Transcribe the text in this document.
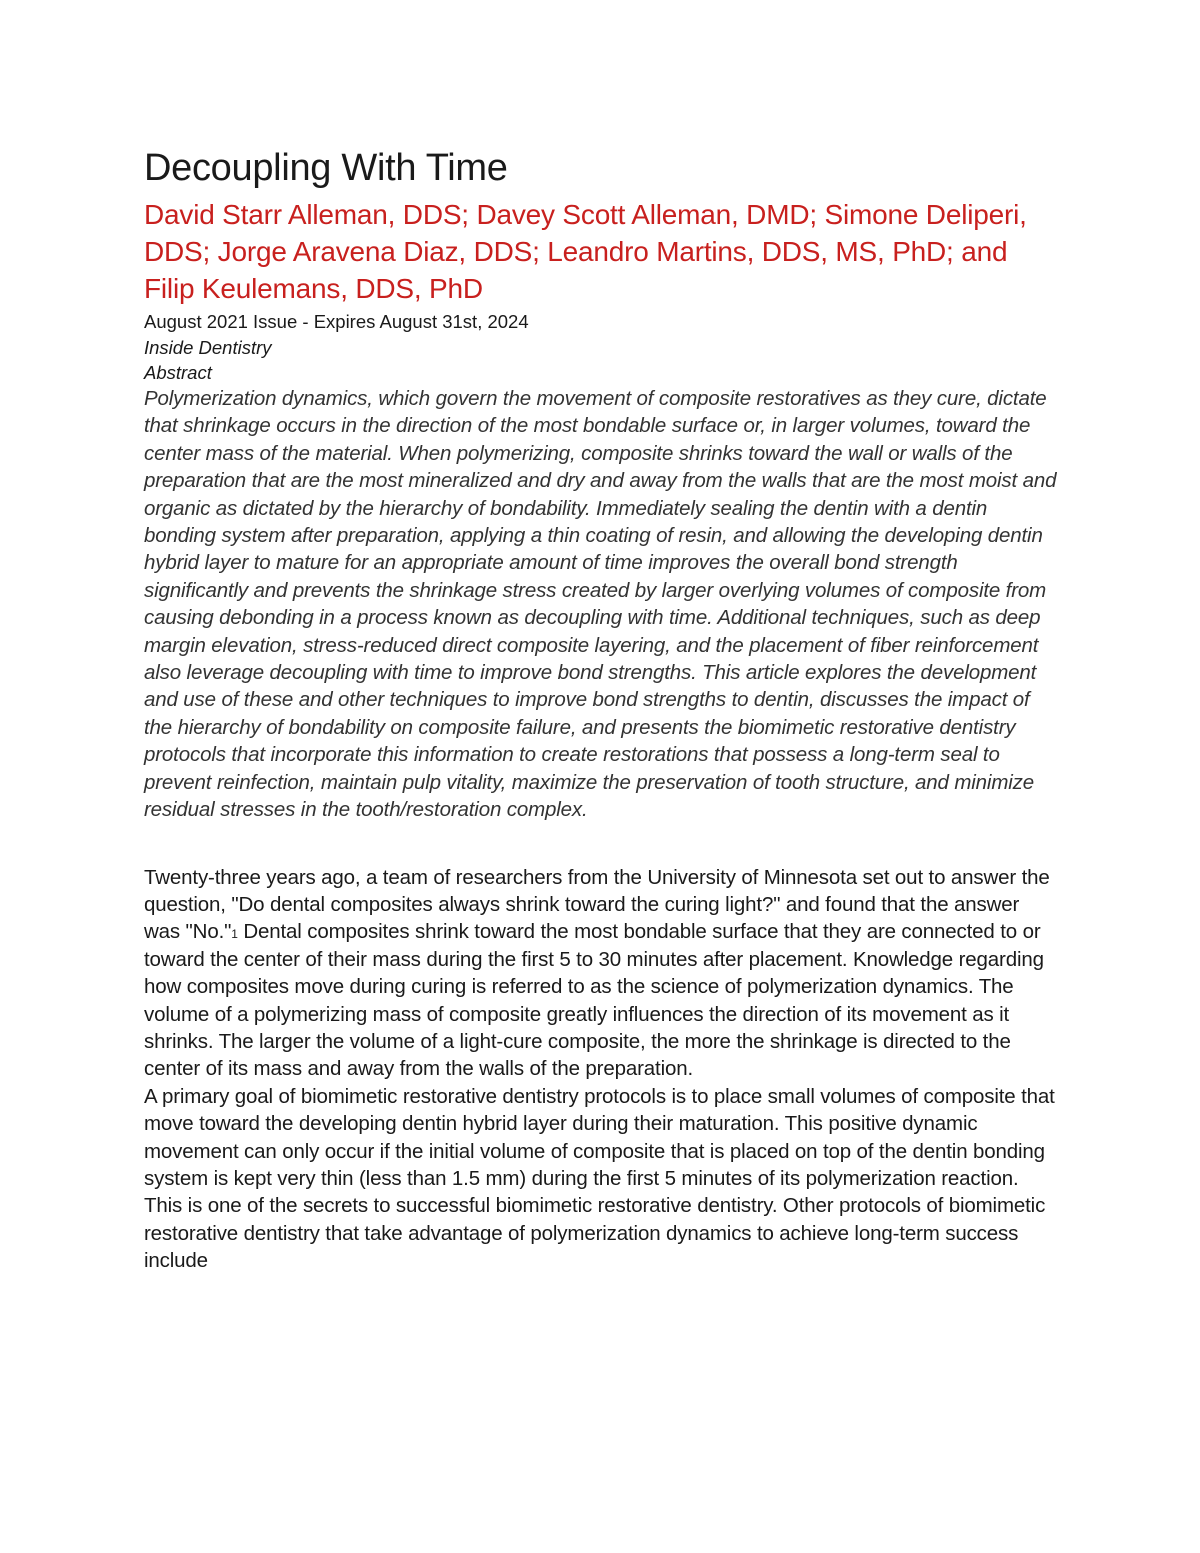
Decoupling With Time

David Starr Alleman, DDS; Davey Scott Alleman, DMD; Simone Deliperi, DDS; Jorge Aravena Diaz, DDS; Leandro Martins, DDS, MS, PhD; and Filip Keulemans, DDS, PhD

August 2021 Issue - Expires August 31st, 2024

Inside Dentistry

Abstract

Polymerization dynamics, which govern the movement of composite restoratives as they cure, dictate that shrinkage occurs in the direction of the most bondable surface or, in larger volumes, toward the center mass of the material. When polymerizing, composite shrinks toward the wall or walls of the preparation that are the most mineralized and dry and away from the walls that are the most moist and organic as dictated by the hierarchy of bondability. Immediately sealing the dentin with a dentin bonding system after preparation, applying a thin coating of resin, and allowing the developing dentin hybrid layer to mature for an appropriate amount of time improves the overall bond strength significantly and prevents the shrinkage stress created by larger overlying volumes of composite from causing debonding in a process known as decoupling with time. Additional techniques, such as deep margin elevation, stress-reduced direct composite layering, and the placement of fiber reinforcement also leverage decoupling with time to improve bond strengths. This article explores the development and use of these and other techniques to improve bond strengths to dentin, discusses the impact of the hierarchy of bondability on composite failure, and presents the biomimetic restorative dentistry protocols that incorporate this information to create restorations that possess a long-term seal to prevent reinfection, maintain pulp vitality, maximize the preservation of tooth structure, and minimize residual stresses in the tooth/restoration complex.

Twenty-three years ago, a team of researchers from the University of Minnesota set out to answer the question, "Do dental composites always shrink toward the curing light?" and found that the answer was "No."1 Dental composites shrink toward the most bondable surface that they are connected to or toward the center of their mass during the first 5 to 30 minutes after placement. Knowledge regarding how composites move during curing is referred to as the science of polymerization dynamics. The volume of a polymerizing mass of composite greatly influences the direction of its movement as it shrinks. The larger the volume of a light-cure composite, the more the shrinkage is directed to the center of its mass and away from the walls of the preparation.

A primary goal of biomimetic restorative dentistry protocols is to place small volumes of composite that move toward the developing dentin hybrid layer during their maturation. This positive dynamic movement can only occur if the initial volume of composite that is placed on top of the dentin bonding system is kept very thin (less than 1.5 mm) during the first 5 minutes of its polymerization reaction. This is one of the secrets to successful biomimetic restorative dentistry. Other protocols of biomimetic restorative dentistry that take advantage of polymerization dynamics to achieve long-term success include
